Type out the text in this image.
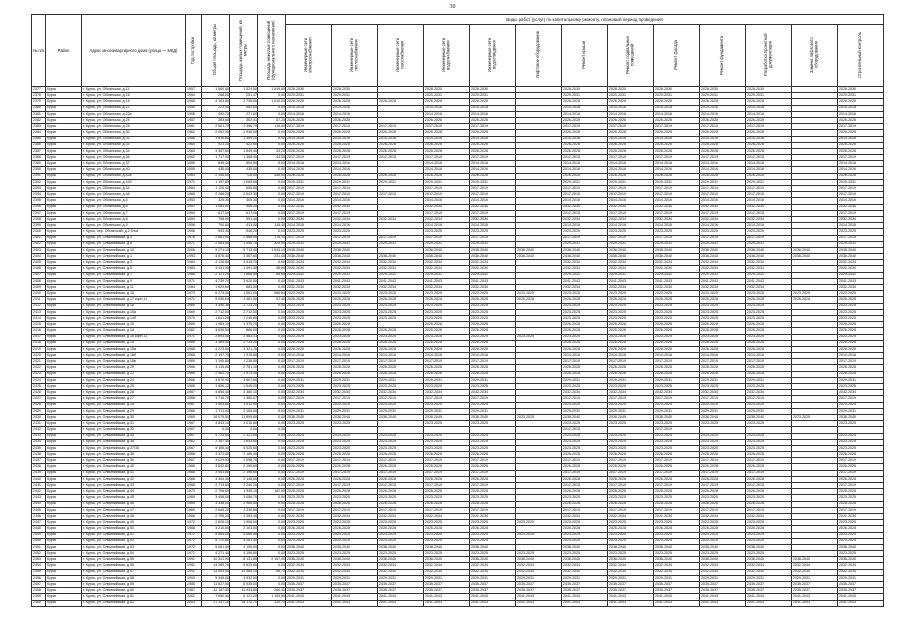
30
№ п/п	Район	Адрес многоквартирного дома (улица — МКД)	Год постройки	Общая площадь, кв.метры	Площадь жилых помещений, кв. метры	Площадь нежилых помещений (функционального назначения)	Виды работ (услуг) по капитальному ремонту, плановый период проведения												
							Инженерные сети электроснабжения	Инженерные сети теплоснабжения	Инженерные сети газоснабжения	Инженерные сети водоснабжения	Инженерные сети водоотведения	Лифтовое оборудование	Ремонт крыши	Ремонт подвальных помещений	Ремонт фасада	Ремонт фундамента	Разработка проектной документации	Замена лифтового оборудования	Строительный контроль
2377	Курск	г. Курск, ул. Обоянская, д.11	1957	1 560,50	1 524,50	1 049,60	2028-2030	2028-2030		2028-2030	2028-2030		2028-2030	2028-2030	2028-2030	2028-2030	2028-2030		2028-2030
2378	Курск	г. Курск, ул. Обоянская, д.16	1954	268,00	251,47	0,00	2029-2031	2029-2031		2029-2031	2029-2031		2029-2031	2029-2031	2029-2031	2029-2031	2029-2031		2029-2031
2379	Курск	г. Курск, ул. Обоянская, д.18	1968	4 163,80	2 730,60	1 010,00	2026-2028	2026-2028	2026-2028	2026-2028	2026-2028		2026-2028	2026-2028	2026-2028	2026-2028	2026-2028		2026-2028
2380	Курск	г. Курск, ул. Обоянская, д.22	1955	221,40	482,00	0,00	2014-2016	2014-2016		2014-2016	2014-2016		2014-2016	2014-2016	2014-2016	2014-2016	2014-2016		2014-2016
2381	Курск	г. Курск, ул. Обоянская, д.22а	1955	492,70	271,00	0,00	2014-2016	2014-2016		2014-2016	2014-2016		2014-2016	2014-2016	2014-2016	2014-2016	2014-2016		2014-2016
2382	Курск	г. Курск, ул. Обоянская, д.25	1957	383,60	352,41	67,20	2026-2028	2026-2028		2026-2028	2026-2028		2026-2028	2026-2028	2026-2028	2026-2028	2026-2028		2026-2028
2383	Курск	г. Курск, ул. Обоянская, д.28	1961	2 501,70	2 386,70	115,00	2017-2019	2017-2019	2017-2019	2017-2019	2017-2019		2017-2019	2017-2019	2017-2019	2017-2019	2017-2019		2017-2019
2384	Курск	г. Курск, ул. Обоянская, д.30	1962	2 052,00	1 946,00	0,00	2026-2028	2026-2028	2026-2028	2026-2028	2026-2028		2026-2028	2026-2028	2026-2028	2026-2028	2026-2028		2026-2028
2385	Курск	г. Курск, ул. Обоянская, д.32	1958	1 610,80	1 499,20	0,00	2014-2016	2014-2016	2014-2016	2014-2016	2014-2016		2014-2016	2014-2016	2014-2016	2014-2016	2014-2016		2014-2016
2386	Курск	г. Курск, ул. Обоянская, д.33	1960	921,10	422,60	0,00	2026-2028	2026-2028	2026-2028	2026-2028	2026-2028		2026-2028	2026-2028	2026-2028	2026-2028	2026-2028		2026-2028
2387	Курск	г. Курск, ул. Обоянская, д.34	1963	3 387,60	1 849,40	43,20	2026-2028	2026-2028	2026-2028	2026-2028	2026-2028		2026-2028	2026-2028	2026-2028	2026-2028	2026-2028		2026-2028
2388	Курск	г. Курск, ул. Обоянская, д.36	1962	1 717,90	1 368,40	44,50	2017-2019	2017-2019	2017-2019	2017-2019	2017-2019		2017-2019	2017-2019	2017-2019	2017-2019	2017-2019		2017-2019
2389	Курск	г. Курск, ул. Обоянская, д.37	1955	845,40	654,90	0,00	2014-2016	2014-2016		2014-2016	2014-2016		2014-2016	2014-2016	2014-2016	2014-2016	2014-2016		2014-2016
2390	Курск	г. Курск, ул. Обоянская, д.40	1955	435,00	435,00	0,00	2014-2016	2014-2016		2014-2016	2014-2016		2014-2016	2014-2016	2014-2016	2014-2016	2014-2016		2014-2016
2391	Курск	г. Курск, ул. Обоянская, д.42а	1963	2 150,00	726,00	436,00	2026-2028	2026-2028	2026-2028	2026-2028	2026-2028		2026-2028	2026-2028	2026-2028	2026-2028	2026-2028		2026-2028
2392	Курск	г. Курск, ул. Обоянская, д.42б	1971	1 157,80	1 089,60	0,00	2029-2031	2029-2031	2029-2031	2029-2031	2029-2031		2029-2031	2029-2031	2029-2031	2029-2031	2029-2031		2029-2031
2393	Курск	г. Курск, ул. Обоянская, д.44	1964	1 120,40	650,80	0,00	2017-2019	2017-2019		2017-2019	2017-2019		2017-2019	2017-2019	2017-2019	2017-2019	2017-2019		2017-2019
2394	Курск	г. Курск, ул. Обоянская, д.46	1960	2 286,20	2 543,30	0,00	2017-2019	2017-2019	2017-2019	2017-2019	2017-2019		2017-2019	2017-2019	2017-2019	2017-2019	2017-2019		2017-2019
2395	Курск	г. Курск, ул. Обоянская, д.5	1953	325,30	305,30	0,00	2014-2016	2014-2016		2014-2016	2014-2016		2014-2016	2014-2016	2014-2016	2014-2016	2014-2016		2014-2016
2396	Курск	г. Курск, ул. Обоянская, д.6	1957	1 084,00	908,20	0,00	2032-2034	2032-2034		2032-2034	2032-2034		2032-2034	2032-2034	2032-2034	2032-2034	2032-2034		2032-2034
2397	Курск	г. Курск, ул. Обоянская, д.7	1954	617,00	617,00	0,00	2017-2019	2017-2019		2017-2019	2017-2019		2017-2019	2017-2019	2017-2019	2017-2019	2017-2019		2017-2019
2398	Курск	г. Курск, ул. Обоянская, д.8	1954	758,90	591,40	0,00	2032-2034	2032-2034	2032-2034	2032-2034	2032-2034		2032-2034	2032-2034	2032-2034	2032-2034	2032-2034		2032-2034
2399	Курск	г. Курск, ул. Обоянская, д.9	1956	700,60	611,00	115,40	2014-2016	2014-2016		2014-2016	2014-2016		2014-2016	2014-2016	2014-2016	2014-2016	2014-2016		2014-2016
2400	Курск	г. Курск, пер. Обоянский, д.2 блок	1958	593,40	540,20	0,00	2023-2025	2023-2025		2023-2025	2023-2025		2023-2025	2023-2025	2023-2025	2023-2025	2023-2025		2023-2025
2401	Курск	г. Курск, ул. Олимпийская, д.4	1976	2 881,00	2 588,50	178,10	2017-2019	2017-2019	2017-2019	2017-2019	2017-2019		2017-2019	2017-2019	2017-2019	2017-2019	2017-2019		2017-2019
2402	Курск	г. Курск, ул. Олимпийская, д.6	1971	2 483,50	1 456,70	325,90	2029-2031	2029-2031	2029-2031	2029-2031	2029-2031		2029-2031	2029-2031	2029-2031	2029-2031	2029-2031		2029-2031
2403	Курск	г. Курск, ул. Олимпийская, д.10	2006	9 271,10	5 713,40	1 543,10	2038-2040	2038-2040		2038-2040	2038-2040	2038-2040	2038-2040	2038-2040	2038-2040	2038-2040	2038-2040	2038-2040	2038-2040
2404	Курск	г. Курск, ул. Олимпийская, д.1	1993	4 676,40	3 357,60	231,40	2038-2040	2038-2040	2038-2040	2038-2040	2038-2040	2038-2040	2038-2040	2038-2040	2038-2040	2038-2040	2038-2040	2038-2040	2038-2040
2405	Курск	г. Курск, ул. Олимпийская, д.3	1984	4 126,80	3 315,70	0,00	2032-2034	2032-2034	2032-2034	2032-2034	2032-2034		2032-2034	2032-2034	2032-2034	2032-2034	2032-2034		2032-2034
2406	Курск	г. Курск, ул. Олимпийская, д.5	1983	3 431,00	1 491,30	38,60	2032-2034	2032-2034	2032-2034	2032-2034	2032-2034		2032-2034	2032-2034	2032-2034	2032-2034	2032-2034		2032-2034
2407	Курск	г. Курск, ул. Олимпийская, д.7	1988	2 121,25	1 668,95	66,80	2029-2031	2029-2031	2029-2031	2029-2031	2029-2031		2029-2031	2029-2031	2029-2031	2029-2031	2029-2031		2029-2031
2408	Курск	г. Курск, ул. Олимпийская, д.9	1971	4 739,70	3 620,00	0,00	2041-2043	2041-2043	2041-2043	2041-2043	2041-2043		2041-2043	2041-2043	2041-2043	2041-2043	2041-2043		2041-2043
2409	Курск	г. Курск, ул. Олимпийская, д.11	1984	1 629,60	883,00	0,00	2032-2034	2032-2034	2032-2034	2032-2034	2032-2034		2032-2034	2032-2034	2032-2034	2032-2034	2032-2034		2032-2034
2410	Курск	г. Курск, ул. Олимпийская, д.16	1973	6 273,00	1 561,90	966,80	2023-2025	2023-2025	2023-2025	2023-2025	2023-2025	2023-2025	2023-2025	2023-2025	2023-2025	2023-2025	2023-2025	2023-2025	2023-2025
2411	Курск	г. Курск, ул. Олимпийская, д.17 корп.11	1971	5 930,00	2 481,90	57,40	2026-2028	2026-2028	2026-2028	2026-2028	2026-2028	2026-2028	2026-2028	2026-2028	2026-2028	2026-2028	2026-2028	2026-2028	2026-2028
2412	Курск	г. Курск, ул. Олимпийская, д.18	1969	3 350,36	2 723,20	0,00	2023-2025	2023-2025	2023-2025	2023-2025	2023-2025		2023-2025	2023-2025	2023-2025	2023-2025	2023-2025		2023-2025
2413	Курск	г. Курск, ул. Олимпийская, д.16а	1969	2 712,00	2 712,00	0,00	2023-2025	2023-2025	2023-2025	2023-2025	2023-2025		2023-2025	2023-2025	2023-2025	2023-2025	2023-2025		2023-2025
2414	Курск	г. Курск, ул. Олимпийская, д.14б	1970	1 641,20	1 245,80	0,00	2023-2025	2023-2025	2023-2025	2023-2025	2023-2025		2023-2025	2023-2025	2023-2025	2023-2025	2023-2025		2023-2025
2415	Курск	г. Курск, ул. Олимпийская, д.15	1969	1 985,10	1 375,70	0,00	2026-2028	2026-2028		2026-2028	2026-2028		2026-2028	2026-2028	2026-2028	2026-2028	2026-2028		2026-2028
2416	Курск	г. Курск, ул. Олимпийская, д.16	1962	3 536,50	686,00	0,00	2026-2028	2026-2028	2026-2028	2026-2028	2026-2028		2026-2028	2026-2028	2026-2028	2026-2028	2026-2028		2026-2028
2417	Курск	г. Курск, ул. Олимпийская, д.16 корп.11	1971	2 893,00	2 583,13	0,00	2023-2025	2023-2025	2023-2025	2023-2025	2023-2025	2023-2025	2023-2025	2023-2025	2023-2025	2023-2025	2023-2025		2023-2025
2418	Курск	г. Курск, ул. Олимпийская, д.18	1969	3 369,90	2 723,20	0,00	2026-2028	2026-2028	2026-2028	2026-2028	2026-2028		2026-2028	2026-2028	2026-2028	2026-2028	2026-2028		2026-2028
2419	Курск	г. Курск, ул. Олимпийская, д.18а	1968	4 223,60	3 321,70	0,00	2026-2028	2026-2028	2026-2028	2026-2028	2026-2028		2026-2028	2026-2028	2026-2028	2026-2028	2026-2028		2026-2028
2420	Курск	г. Курск, ул. Олимпийская, д.18б	1968	2 197,70	1 915,60	0,00	2014-2016	2014-2016	2014-2016	2014-2016	2014-2016		2014-2016	2014-2016	2014-2016	2014-2016	2014-2016		2014-2016
2421	Курск	г. Курск, ул. Олимпийская, д.18в	1969	1 195,60	1 236,80	0,00	2017-2019	2017-2019	2017-2019	2017-2019	2017-2019		2017-2019	2017-2019	2017-2019	2017-2019	2017-2019		2017-2019
2422	Курск	г. Курск, ул. Олимпийская, д.20	1966	4 115,60	2 701,10	0,00	2026-2028	2026-2028	2026-2028	2026-2028	2026-2028		2026-2028	2026-2028	2026-2028	2026-2028	2026-2028		2026-2028
2423	Курск	г. Курск, ул. Олимпийская, д.22	1965	2 482,70	1 974,30	0,00	2026-2028	2026-2028	2026-2028	2026-2028	2026-2028		2026-2028	2026-2028	2026-2028	2026-2028	2026-2028		2026-2028
2424	Курск	г. Курск, ул. Олимпийская, д.24	1966	3 870,90	3 867,60	0,00	2029-2031	2029-2031	2029-2031	2029-2031	2029-2031		2029-2031	2029-2031	2029-2031	2029-2031	2029-2031		2029-2031
2425	Курск	г. Курск, ул. Олимпийская, д.25	1966	1 856,12	1 545,20	0,00	2023-2025	2023-2025	2023-2025	2023-2025	2023-2025		2023-2025	2023-2025	2023-2025	2023-2025	2023-2025		2023-2025
2426	Курск	г. Курск, ул. Олимпийская, д.26	1967	4 854,40	3 380,10	0,00	2032-2034	2032-2034	2032-2034	2032-2034	2032-2034		2032-2034	2032-2034	2032-2034	2032-2034	2032-2034		2032-2034
2427	Курск	г. Курск, ул. Олимпийская, д.27	1968	1 716,70	1 380,07	0,00	2017-2019	2017-2019	2017-2019	2017-2019	2017-2019		2017-2019	2017-2019	2017-2019	2017-2019	2017-2019		2017-2019
2428	Курск	г. Курск, ул. Олимпийская, д.28	1967	3 493,80	1 612,90	0,00	2023-2025	2023-2025	2023-2025	2023-2025	2023-2025		2023-2025	2023-2025	2023-2025	2023-2025	2023-2025		2023-2025
2429	Курск	г. Курск, ул. Олимпийская, д.29	1966	2 711,90	2 163,00	0,00	2029-2031	2029-2031	2029-2031	2029-2031	2029-2031		2029-2031	2029-2031	2029-2031	2029-2031	2029-2031		2029-2031
2430	Курск	г. Курск, ул. Олимпийская, д.30	1969	16 075,50	11 895,80	0,00	2038-2040	2038-2040	2038-2040	2038-2040	2038-2040	2023-2025	2038-2040	2038-2040	2038-2040	2038-2040	2038-2040	2023-2025	2038-2040
2431	Курск	г. Курск, ул. Олимпийская, д.31	1967	4 843,10	3 010,80	0,00	2023-2025	2023-2025		2023-2025	2023-2025		2023-2025	2023-2025	2023-2025	2023-2025	2023-2025		2023-2025
2432	Курск	г. Курск, ул. Олимпийская, д.32	1967	0,00	0,00	0,00							2017-2019		2017-2019				
2433	Курск	г. Курск, ул. Олимпийская, д.34	1967	4 724,60	2 321,00	0,00	2023-2025	2023-2025	2023-2025	2023-2025	2023-2025		2023-2025	2023-2025	2023-2025	2023-2025	2023-2025		2023-2025
2434	Курск	г. Курск, ул. Олимпийская, д.36	1962	2 157,40	1 643,50	0,00	2023-2025	2023-2025	2023-2025	2023-2025	2023-2025		2023-2025	2023-2025	2023-2025	2023-2025	2023-2025		2023-2025
2435	Курск	г. Курск, ул. Олимпийская, д.37/35	1967	4 186,30	4 025,60	0,00	2023-2025	2023-2025	2023-2025	2023-2025	2023-2025		2023-2025	2023-2025	2023-2025	2023-2025	2023-2025		2023-2025
2436	Курск	г. Курск, ул. Олимпийская, д.38	1968	3 372,80	2 186,40	0,00	2026-2028	2026-2028	2026-2028	2026-2028	2026-2028		2026-2028	2026-2028	2026-2028	2026-2028	2026-2028		2026-2028
2437	Курск	г. Курск, ул. Олимпийская, д.39	1967	3 029,53	2 098,70	0,00	2017-2019	2017-2019	2017-2019	2017-2019	2017-2019		2017-2019	2017-2019	2017-2019	2017-2019	2017-2019		2017-2019
2438	Курск	г. Курск, ул. Олимпийская, д.40	1968	3 542,80	2 196,60	0,00	2026-2028	2026-2028	2026-2028	2026-2028	2026-2028		2026-2028	2026-2028	2026-2028	2026-2028	2026-2028		2026-2028
2439	Курск	г. Курск, ул. Олимпийская, д.41	1968	3 451,80	2 196,60	0,00	2017-2019	2017-2019	2017-2019	2017-2019	2017-2019		2017-2019	2017-2019	2017-2019	2017-2019	2017-2019		2017-2019
2440	Курск	г. Курск, ул. Олимпийская, д.42	1968	3 304,30	2 148,00	0,00	2026-2028	2026-2028	2026-2028	2026-2028	2026-2028		2026-2028	2026-2028	2026-2028	2026-2028	2026-2028		2026-2028
2441	Курск	г. Курск, ул. Олимпийская, д.43	1968	2 713,60	2 240,20	0,00	2017-2019	2017-2019	2017-2019	2017-2019	2017-2019		2017-2019	2017-2019	2017-2019	2017-2019	2017-2019		2017-2019
2442	Курск	г. Курск, ул. Олимпийская, д.44	1973	2 706,80	1 945,10	182,90	2026-2028	2026-2028	2026-2028	2026-2028	2026-2028		2026-2028	2026-2028	2026-2028	2026-2028	2026-2028		2026-2028
2443	Курск	г. Курск, ул. Олимпийская, д.45	1969	3 458,00	3 058,70	0,00	2023-2025	2023-2025	2023-2025	2023-2025	2023-2025		2023-2025	2023-2025	2023-2025	2023-2025	2023-2025		2023-2025
2444	Курск	г. Курск, ул. Олимпийская, д.46	1969	3 336,20	2 985,00	0,00	2026-2028	2026-2028	2026-2028	2026-2028	2026-2028		2026-2028	2026-2028	2026-2028	2026-2028	2026-2028		2026-2028
2445	Курск	г. Курск, ул. Олимпийская, д.47	1969	2 845,20	2 330,80	0,00	2017-2019	2017-2019	2017-2019	2017-2019	2017-2019		2017-2019	2017-2019	2017-2019	2017-2019	2017-2019		2017-2019
2446	Курск	г. Курск, ул. Олимпийская, д.48	1968	2 795,20	2 383,40	0,00	2032-2034	2032-2034	2032-2034	2032-2034	2032-2034		2032-2034	2032-2034	2032-2034	2032-2034	2032-2034		2032-2034
2447	Курск	г. Курск, ул. Олимпийская, д.49	1972	2 826,10	1 906,00	0,00	2023-2025	2023-2025	2023-2025	2023-2025	2023-2025	2023-2025	2023-2025	2023-2025	2023-2025	2023-2025	2023-2025		2023-2025
2448	Курск	г. Курск, ул. Олимпийская, д.50	1968	3 210,80	2 103,00	0,00	2026-2028	2026-2028	2026-2028	2026-2028	2026-2028		2026-2028	2026-2028	2026-2028	2026-2028	2026-2028		2026-2028
2449	Курск	г. Курск, ул. Олимпийская, д.51	1972	5 063,00	4 066,60	0,00	2023-2025	2023-2025	2023-2025	2023-2025	2023-2025	2023-2025	2023-2025	2023-2025	2023-2025	2023-2025	2023-2025		2023-2025
2450	Курск	г. Курск, ул. Олимпийская, д.52	1972	5 772,80	4 281,30	0,00	2023-2025	2023-2025	2023-2025	2023-2025	2023-2025		2023-2025	2023-2025	2023-2025	2023-2025	2023-2025		2023-2025
2451	Курск	г. Курск, ул. Олимпийская, д.53	1972	5 081,40	4 190,00	0,00	2038-2040	2038-2040	2038-2040	2038-2040	2038-2040		2038-2040	2038-2040	2038-2040	2038-2040	2038-2040		2038-2040
2452	Курск	г. Курск, ул. Олимпийская, д.54	1972	4 271,40	4 156,80	0,00	2023-2025	2023-2025	2023-2025	2023-2025	2023-2025	2023-2025	2023-2025	2023-2025	2023-2025	2023-2025	2023-2025		2023-2025
2453	Курск	г. Курск, ул. Олимпийская, д.55	1991	10 341,90	8 131,85	2 157,00	2038-2040	2038-2040	2038-2040	2038-2040	2038-2040	2038-2040	2038-2040	2038-2040	2038-2040	2038-2040	2038-2040	2038-2040	2038-2040
2454	Курск	г. Курск, ул. Олимпийская, д.56	1991	14 389,70	9 625,80	0,00	2032-2034	2032-2034	2032-2034	2032-2034	2032-2034	2032-2034	2032-2034	2032-2034	2032-2034	2032-2034	2032-2034	2032-2034	2032-2034
2455	Курск	г. Курск, ул. Олимпийская, д.57	1992	13 593,00	11 385,10	58,70	2032-2034	2032-2034	2032-2034	2032-2034	2032-2034	2032-2034	2032-2034	2032-2034	2032-2034	2032-2034	2032-2034	2032-2034	2032-2034
2456	Курск	г. Курск, ул. Олимпийская, д.58	1993	5 345,00	3 932,00	0,00	2029-2031	2029-2031	2029-2031	2029-2031	2029-2031	2029-2031	2029-2031	2029-2031	2029-2031	2029-2031	2029-2031	2029-2031	2029-2031
2457	Курск	г. Курск, ул. Олимпийская, д.59	1986	11 527,50	8 935,00	0,00	2035-2037	2035-2037	2035-2037	2035-2037	2035-2037	2035-2037	2035-2037	2035-2037	2035-2037	2035-2037	2035-2037	2035-2037	2035-2037
2458	Курск	г. Курск, ул. Олимпийская, д.60	1987	12 187,00	11 933,80	260,30	2035-2037	2035-2037	2035-2037	2035-2037	2035-2037	2035-2037	2035-2037	2035-2037	2035-2037	2035-2037	2035-2037	2035-2037	2035-2037
2459	Курск	г. Курск, ул. Олимпийская, д.61	2002	7 650,50	6 121,20	1 163,50	2041-2043	2041-2043	2041-2043	2041-2043	2041-2043	2041-2043	2041-2043	2041-2043	2041-2043	2041-2043	2041-2043	2041-2043	2041-2043
2460	Курск	г. Курск, ул. Олимпийская, д.62	2003	21 147,10	15 170,70	120,70	2041-2043	2041-2043	2041-2043	2041-2043	2041-2043	2041-2043	2041-2043	2041-2043	2041-2043	2041-2043	2041-2043	2041-2043	2041-2043
